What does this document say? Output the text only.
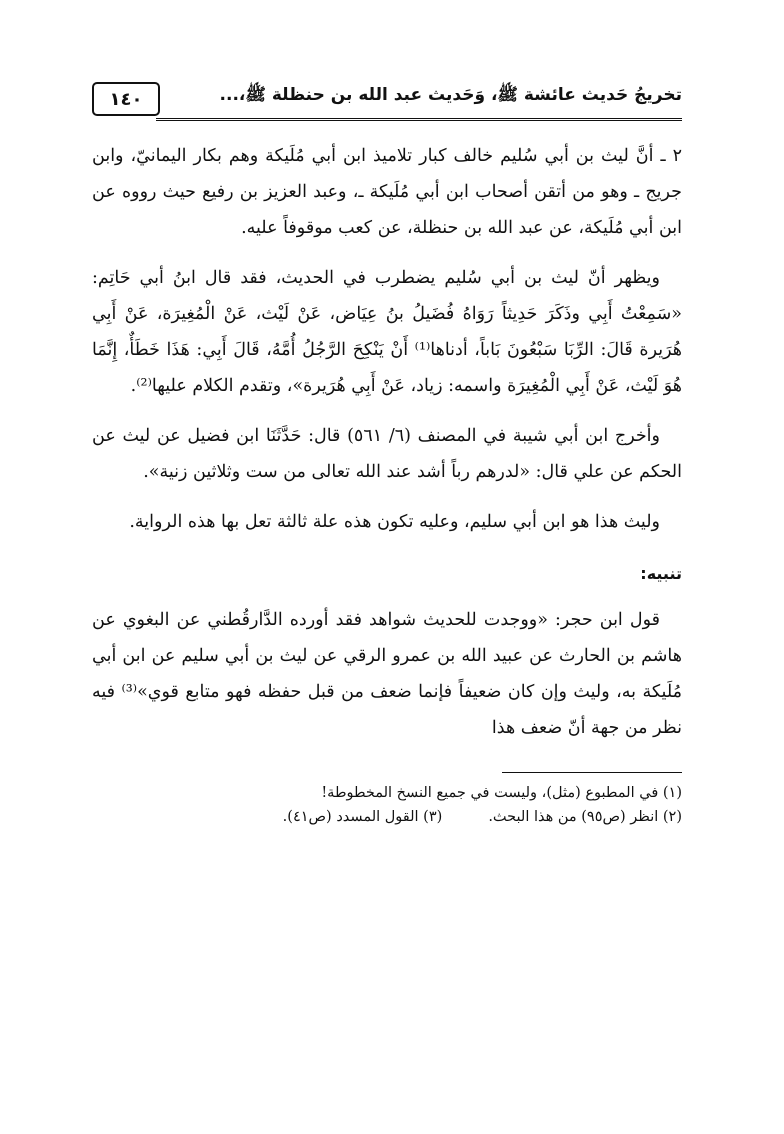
تخريجُ حَديث عائشة ﷺ، وَحَديث عبد الله بن حنظلة ﷺ،...
١٤٠

٢ ـ أنَّ ليث بن أبي سُليم خالف كبار تلاميذ ابن أبي مُلَيكة وهم بكار اليمانيّ، وابن جريج ـ وهو من أتقن أصحاب ابن أبي مُلَيكة ـ، وعبد العزيز بن رفيع حيث رووه عن ابن أبي مُلَيكة، عن عبد الله بن حنظلة، عن كعب موقوفاً عليه.

ويظهر أنّ ليث بن أبي سُليم يضطرب في الحديث، فقد قال ابنُ أبي حَاتِم: «سَمِعْتُ أَبِي وذَكَرَ حَدِيثاً رَوَاهُ فُضَيلُ بنُ عِيَاض، عَنْ لَيْث، عَنْ الْمُغِيرَة، عَنْ أَبِي هُرَيرة قَالَ: الرِّبَا سَبْعُونَ بَاباً، أدناها⁽¹⁾ أَنْ يَنْكِحَ الرَّجُلُ أُمَّهُ، قَالَ أَبِي: هَذَا خَطَأٌ، إِنَّمَا هُوَ لَيْث، عَنْ أَبِي الْمُغِيرَة واسمه: زياد، عَنْ أَبِي هُرَيرة»، وتقدم الكلام عليها⁽²⁾.

وأخرج ابن أبي شيبة في المصنف (٦/ ٥٦١) قال: حَدَّثَنَا ابن فضيل عن ليث عن الحكم عن علي قال: «لدرهم رباً أشد عند الله تعالى من ست وثلاثين زنية».

وليث هذا هو ابن أبي سليم، وعليه تكون هذه علة ثالثة تعل بها هذه الرواية.

تنبيه:

قول ابن حجر: «ووجدت للحديث شواهد فقد أورده الدَّارقُطني عن البغوي عن هاشم بن الحارث عن عبيد الله بن عمرو الرقي عن ليث بن أبي سليم عن ابن أبي مُلَيكة به، وليث وإن كان ضعيفاً فإنما ضعف من قبل حفظه فهو متابع قوي»⁽³⁾ فيه نظر من جهة أنّ ضعف هذا

(١) في المطبوع (مثل)، وليست في جميع النسخ المخطوطة!
(٢) انظر (ص٩٥) من هذا البحث.
(٣) القول المسدد (ص٤١).
